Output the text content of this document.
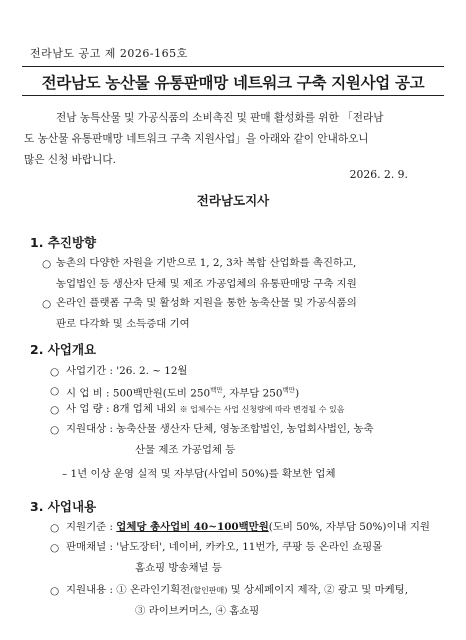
전라남도 공고 제 2026-165호
전라남도 농산물 유통판매망 네트워크 구축 지원사업 공고
전남 농특산물 및 가공식품의 소비촉진 및 판매 활성화를 위한 「전라남
도 농산물 유통판매망 네트워크 구축 지원사업」을 아래와 같이 안내하오니
많은 신청 바랍니다.
2026. 2. 9.
전라남도지사
1. 추진방향
○ 농촌의 다양한 자원을 기반으로 1, 2, 3차 복합 산업화를 촉진하고,
농업법인 등 생산자 단체 및 제조 가공업체의 유통판매망 구축 지원
○ 온라인 플랫폼 구축 및 활성화 지원을 통한 농축산물 및 가공식품의
판로 다각화 및 소득증대 기여
2. 사업개요
○ 사업기간 : '26. 2. ~ 12월
○ 시 업 비 : 500백만원(도비 $250^{백만}$, 자부담 $250^{백만}$)
○ 사 업 량 : 8개 업체 내외 ※ 업체수는 사업 신청량에 따라 변경될 수 있음
○ 지원대상 : 농축산물 생산자 단체, 영농조합법인, 농업회사법인, 농축
산물 제조 가공업체 등
– 1년 이상 운영 실적 및 자부담(사업비 50%)를 확보한 업체
3. 사업내용
○ 지원기준 : 업체당 총사업비 40~100백만원(도비 50%, 자부담 50%)이내 지원
○ 판매채널 : '남도장터', 네이버, 카카오, 11번가, 쿠팡 등 온라인 쇼핑몰
홈쇼핑 방송채널 등
○ 지원내용 : ① 온라인기획전(할인판매) 및 상세페이지 제작, ② 광고 및 마케팅,
③ 라이브커머스, ④ 홈쇼핑
